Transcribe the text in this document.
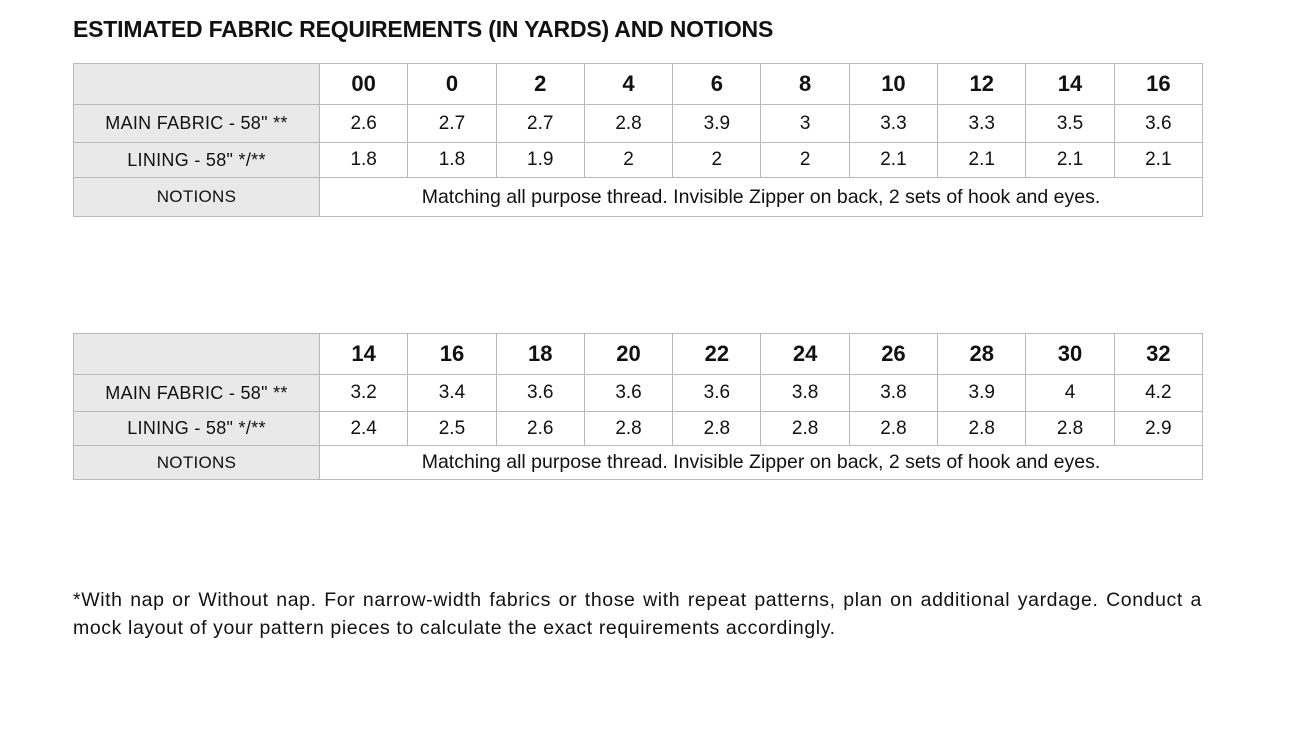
ESTIMATED FABRIC REQUIREMENTS (IN YARDS) AND NOTIONS
	00	0	2	4	6	8	10	12	14	16
MAIN FABRIC - 58" **	2.6	2.7	2.7	2.8	3.9	3	3.3	3.3	3.5	3.6
LINING - 58" */**	1.8	1.8	1.9	2	2	2	2.1	2.1	2.1	2.1
NOTIONS	Matching all purpose thread. Invisible Zipper on back, 2 sets of hook and eyes.									
	14	16	18	20	22	24	26	28	30	32
MAIN FABRIC - 58" **	3.2	3.4	3.6	3.6	3.6	3.8	3.8	3.9	4	4.2
LINING - 58" */**	2.4	2.5	2.6	2.8	2.8	2.8	2.8	2.8	2.8	2.9
NOTIONS	Matching all purpose thread. Invisible Zipper on back, 2 sets of hook and eyes.									

*With nap or Without nap. For narrow-width fabrics or those with repeat patterns, plan on additional yardage. Conduct a mock layout of your pattern pieces to calculate the exact requirements accordingly.
